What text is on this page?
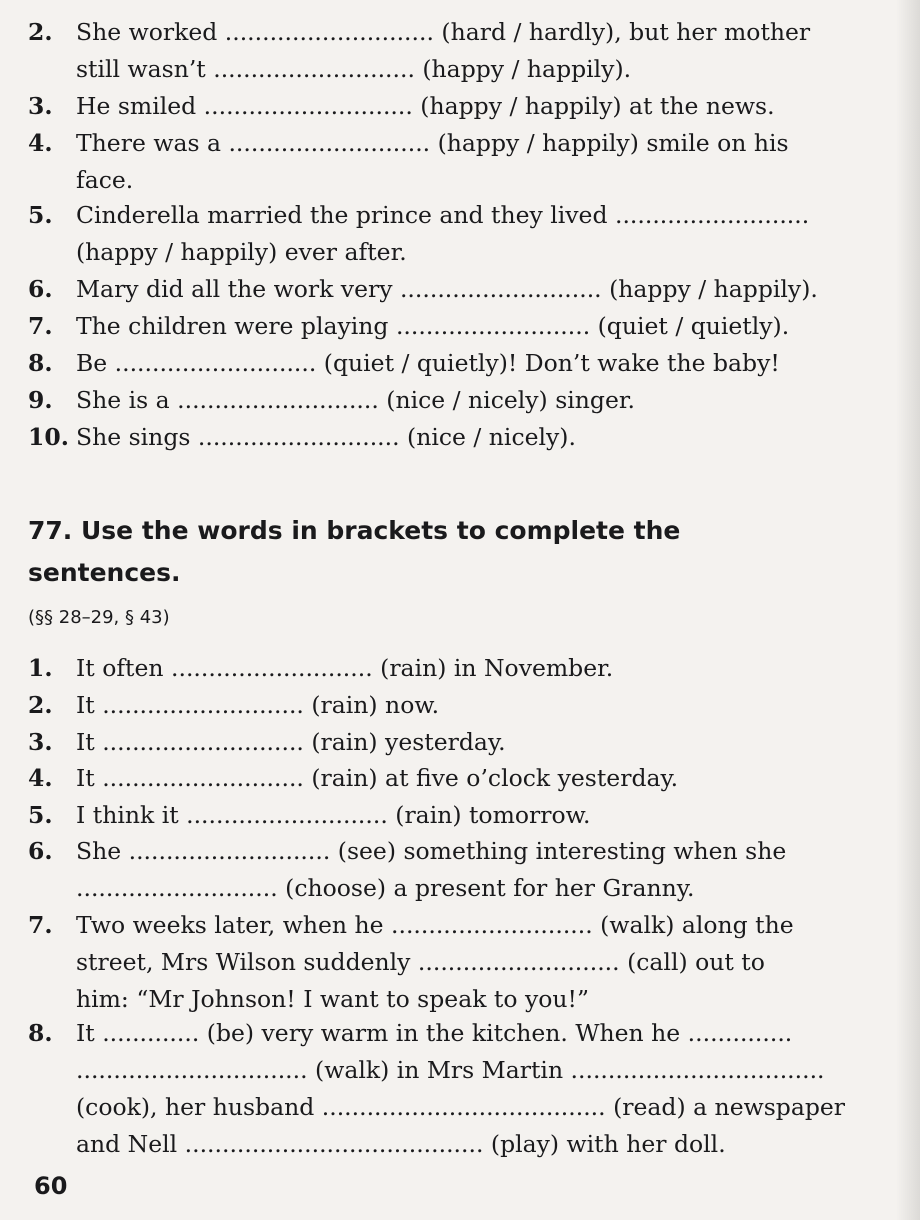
2. She worked ............................ (hard / hardly), but her mother
still wasn’t ........................... (happy / happily).
3. He smiled ............................ (happy / happily) at the news.
4. There was a ........................... (happy / happily) smile on his
face.
5. Cinderella married the prince and they lived ..........................
(happy / happily) ever after.
6. Mary did all the work very ........................... (happy / happily).
7. The children were playing .......................... (quiet / quietly).
8. Be ........................... (quiet / quietly)! Don’t wake the baby!
9. She is a ........................... (nice / nicely) singer.
10. She sings ........................... (nice / nicely).
77. Use the words in brackets to complete the
sentences.
(§§ 28–29, § 43)
1. It often ........................... (rain) in November.
2. It ........................... (rain) now.
3. It ........................... (rain) yesterday.
4. It ........................... (rain) at five o’clock yesterday.
5. I think it ........................... (rain) tomorrow.
6. She ........................... (see) something interesting when she
........................... (choose) a present for her Granny.
7. Two weeks later, when he ........................... (walk) along the
street, Mrs Wilson suddenly ........................... (call) out to
him: “Mr Johnson! I want to speak to you!”
8. It ............. (be) very warm in the kitchen. When he ..............
............................... (walk) in Mrs Martin ..................................
(cook), her husband ...................................... (read) a newspaper
and Nell ........................................ (play) with her doll.
60
